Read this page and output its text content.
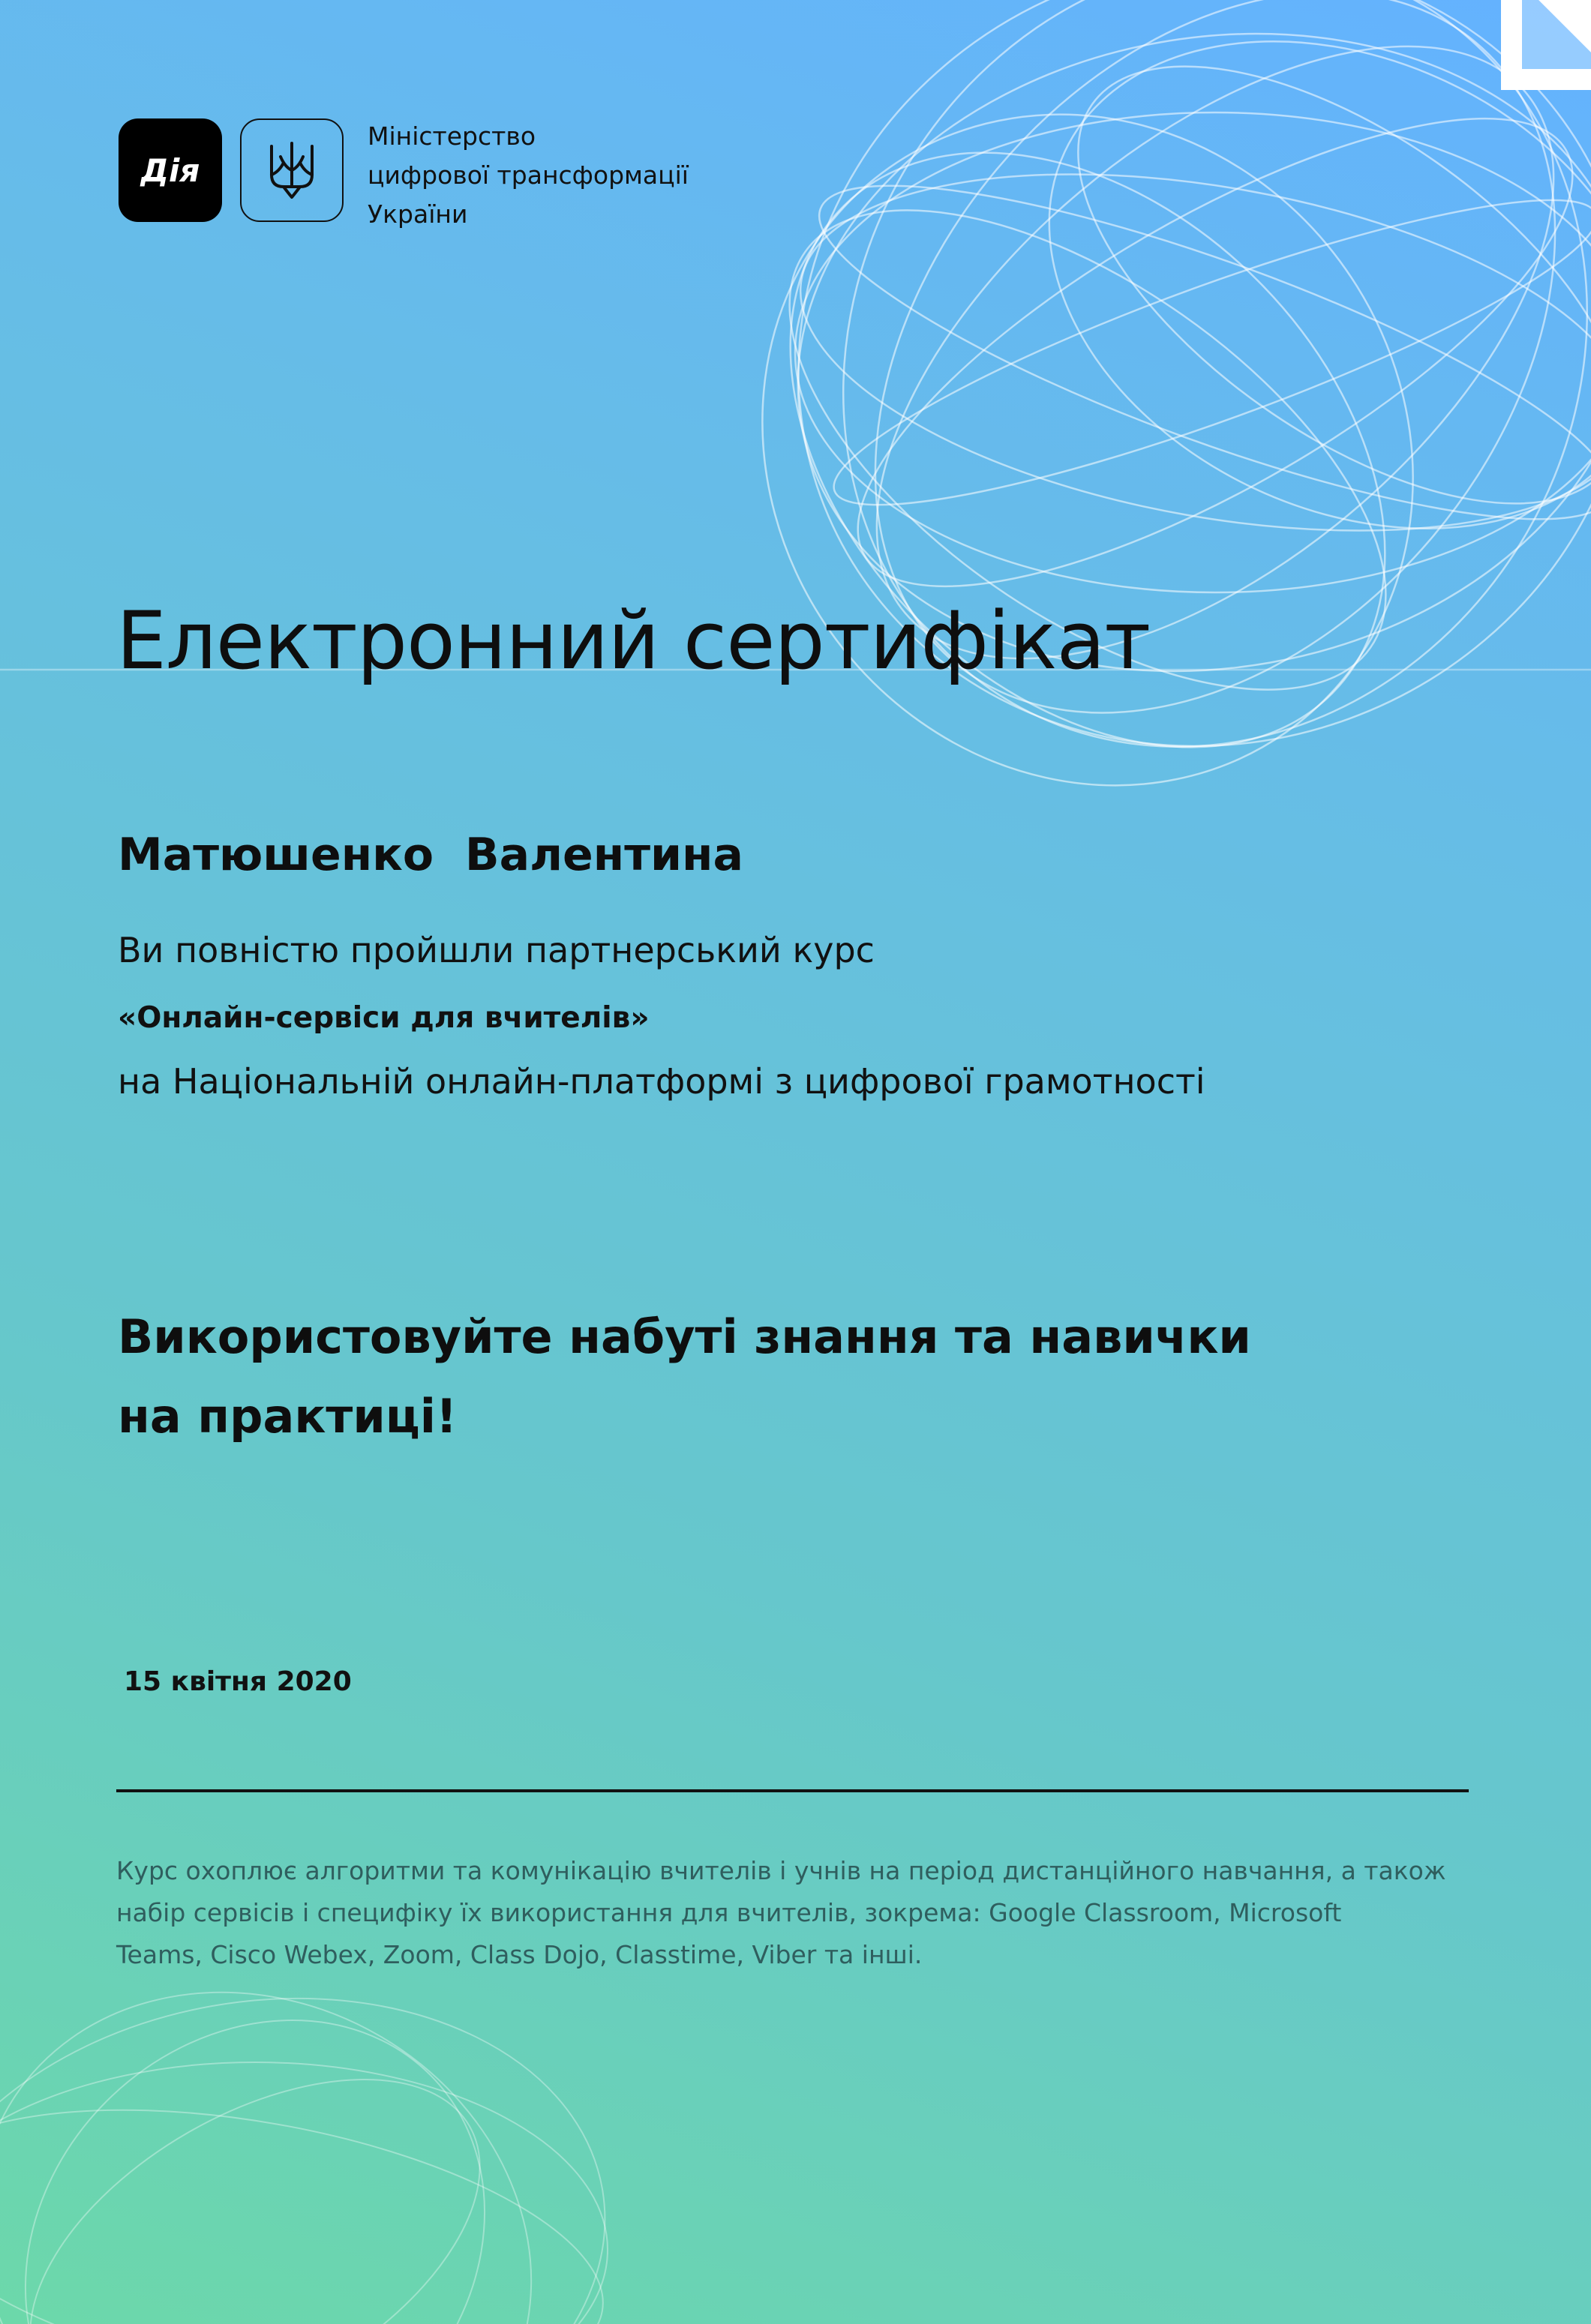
Дія
Міністерство
цифрової трансформації
України
Електронний сертифікат
Матюшенко  Валентина
Ви повністю пройшли партнерський курс
«Онлайн-сервіси для вчителів»
на Національній онлайн-платформі з цифрової грамотності
Використовуйте набуті знання та навички
на практиці!
15 квітня 2020
Курс охоплює алгоритми та комунікацію вчителів і учнів на період дистанційного навчання, а також
набір сервісів і специфіку їх використання для вчителів, зокрема: Google Classroom, Microsoft
Teams, Cisco Webex, Zoom, Class Dojo, Classtime, Viber та інші.
